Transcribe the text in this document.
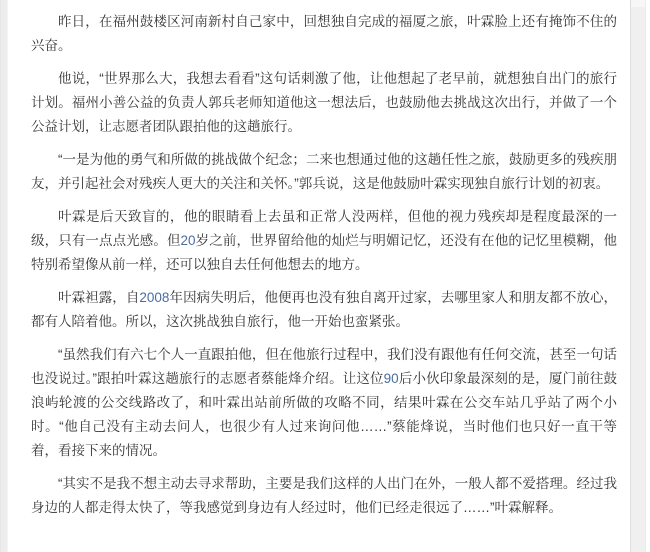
昨日，在福州鼓楼区河南新村自己家中，回想独自完成的福厦之旅，叶霖脸上还有掩饰不住的兴奋。

他说，“世界那么大，我想去看看”这句话刺激了他，让他想起了老早前，就想独自出门的旅行计划。福州小善公益的负责人郭兵老师知道他这一想法后，也鼓励他去挑战这次出行，并做了一个公益计划，让志愿者团队跟拍他的这趟旅行。

“一是为他的勇气和所做的挑战做个纪念；二来也想通过他的这趟任性之旅，鼓励更多的残疾朋友，并引起社会对残疾人更大的关注和关怀。”郭兵说，这是他鼓励叶霖实现独自旅行计划的初衷。

叶霖是后天致盲的，他的眼睛看上去虽和正常人没两样，但他的视力残疾却是程度最深的一级，只有一点点光感。但20岁之前，世界留给他的灿烂与明媚记忆，还没有在他的记忆里模糊，他特别希望像从前一样，还可以独自去任何他想去的地方。

叶霖袒露，自2008年因病失明后，他便再也没有独自离开过家，去哪里家人和朋友都不放心，都有人陪着他。所以，这次挑战独自旅行，他一开始也蛮紧张。

“虽然我们有六七个人一直跟拍他，但在他旅行过程中，我们没有跟他有任何交流，甚至一句话也没说过。”跟拍叶霖这趟旅行的志愿者蔡能烽介绍。让这位90后小伙印象最深刻的是，厦门前往鼓浪屿轮渡的公交线路改了，和叶霖出站前所做的攻略不同，结果叶霖在公交车站几乎站了两个小时。“他自己没有主动去问人，也很少有人过来询问他……”蔡能烽说，当时他们也只好一直干等着，看接下来的情况。

“其实不是我不想主动去寻求帮助，主要是我们这样的人出门在外，一般人都不爱搭理。经过我身边的人都走得太快了，等我感觉到身边有人经过时，他们已经走很远了……”叶霖解释。
